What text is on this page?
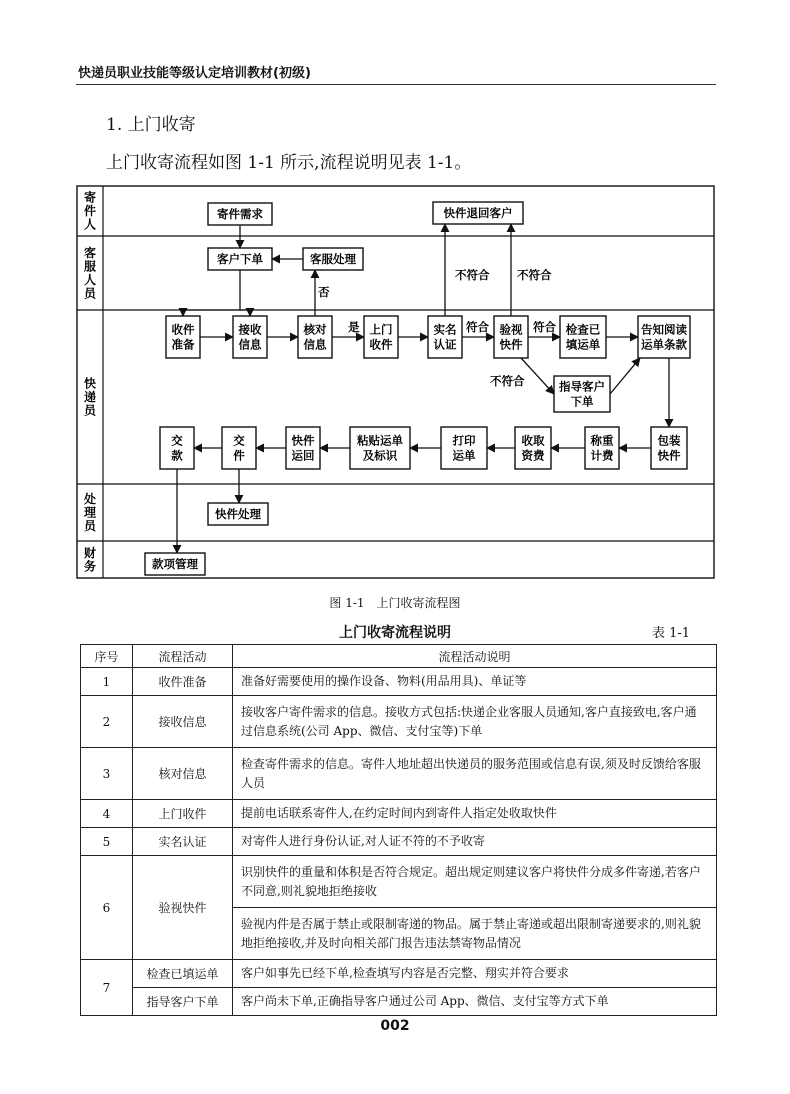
快递员职业技能等级认定培训教材(初级)
1. 上门收寄
上门收寄流程如图 1-1 所示,流程说明见表 1-1。
寄件人
客服人员
快递员
处理员
财务
寄件需求	快件退回客户
客户下单	客服处理
收件
准备
接收
信息
核对
信息
上门
收件
实名
认证
验视
快件
检查已
填运单
告知阅读
运单条款
指导客户
下单
包装
快件
称重
计费
收取
资费
打印
运单
粘贴运单
及标识
快件
运回
交
件
交
款
快件处理
款项管理
否
是
不符合 不符合
符合	符合
不符合
图 1-1　上门收寄流程图
上门收寄流程说明	表 1-1
序号	流程活动	流程活动说明
1	收件准备	准备好需要使用的操作设备、物料(用品用具)、单证等
2	接收信息	接收客户寄件需求的信息。接收方式包括:快递企业客服人员通知,客户直接致电,客户通过信息系统(公司 App、微信、支付宝等)下单
3	核对信息	检查寄件需求的信息。寄件人地址超出快递员的服务范围或信息有误,须及时反馈给客服人员
4	上门收件	提前电话联系寄件人,在约定时间内到寄件人指定处收取快件
5	实名认证	对寄件人进行身份认证,对人证不符的不予收寄
6	验视快件	识别快件的重量和体积是否符合规定。超出规定则建议客户将快件分成多件寄递,若客户不同意,则礼貌地拒绝接收
		验视内件是否属于禁止或限制寄递的物品。属于禁止寄递或超出限制寄递要求的,则礼貌地拒绝接收,并及时向相关部门报告违法禁寄物品情况
7	检查已填运单	客户如事先已经下单,检查填写内容是否完整、翔实并符合要求
	指导客户下单	客户尚未下单,正确指导客户通过公司 App、微信、支付宝等方式下单
002
